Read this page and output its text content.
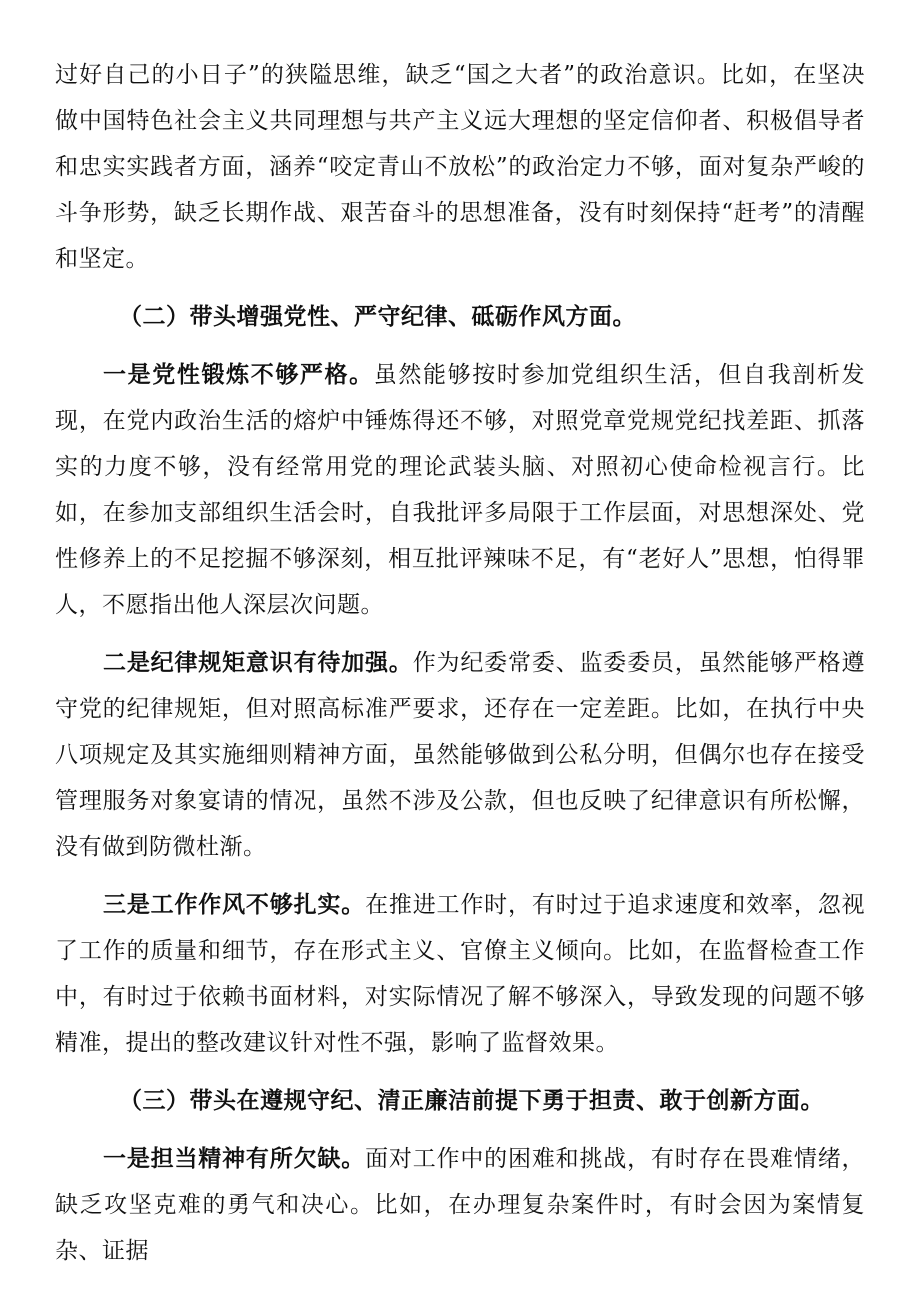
过好自己的小日子”的狭隘思维，缺乏“国之大者”的政治意识。比如，在坚决做中国特色社会主义共同理想与共产主义远大理想的坚定信仰者、积极倡导者和忠实实践者方面，涵养“咬定青山不放松”的政治定力不够，面对复杂严峻的斗争形势，缺乏长期作战、艰苦奋斗的思想准备，没有时刻保持“赶考”的清醒和坚定。

（二）带头增强党性、严守纪律、砥砺作风方面。

一是党性锻炼不够严格。虽然能够按时参加党组织生活，但自我剖析发现，在党内政治生活的熔炉中锤炼得还不够，对照党章党规党纪找差距、抓落实的力度不够，没有经常用党的理论武装头脑、对照初心使命检视言行。比如，在参加支部组织生活会时，自我批评多局限于工作层面，对思想深处、党性修养上的不足挖掘不够深刻，相互批评辣味不足，有“老好人”思想，怕得罪人，不愿指出他人深层次问题。

二是纪律规矩意识有待加强。作为纪委常委、监委委员，虽然能够严格遵守党的纪律规矩，但对照高标准严要求，还存在一定差距。比如，在执行中央八项规定及其实施细则精神方面，虽然能够做到公私分明，但偶尔也存在接受管理服务对象宴请的情况，虽然不涉及公款，但也反映了纪律意识有所松懈，没有做到防微杜渐。

三是工作作风不够扎实。在推进工作时，有时过于追求速度和效率，忽视了工作的质量和细节，存在形式主义、官僚主义倾向。比如，在监督检查工作中，有时过于依赖书面材料，对实际情况了解不够深入，导致发现的问题不够精准，提出的整改建议针对性不强，影响了监督效果。

（三）带头在遵规守纪、清正廉洁前提下勇于担责、敢于创新方面。

一是担当精神有所欠缺。面对工作中的困难和挑战，有时存在畏难情绪，缺乏攻坚克难的勇气和决心。比如，在办理复杂案件时，有时会因为案情复杂、证据
